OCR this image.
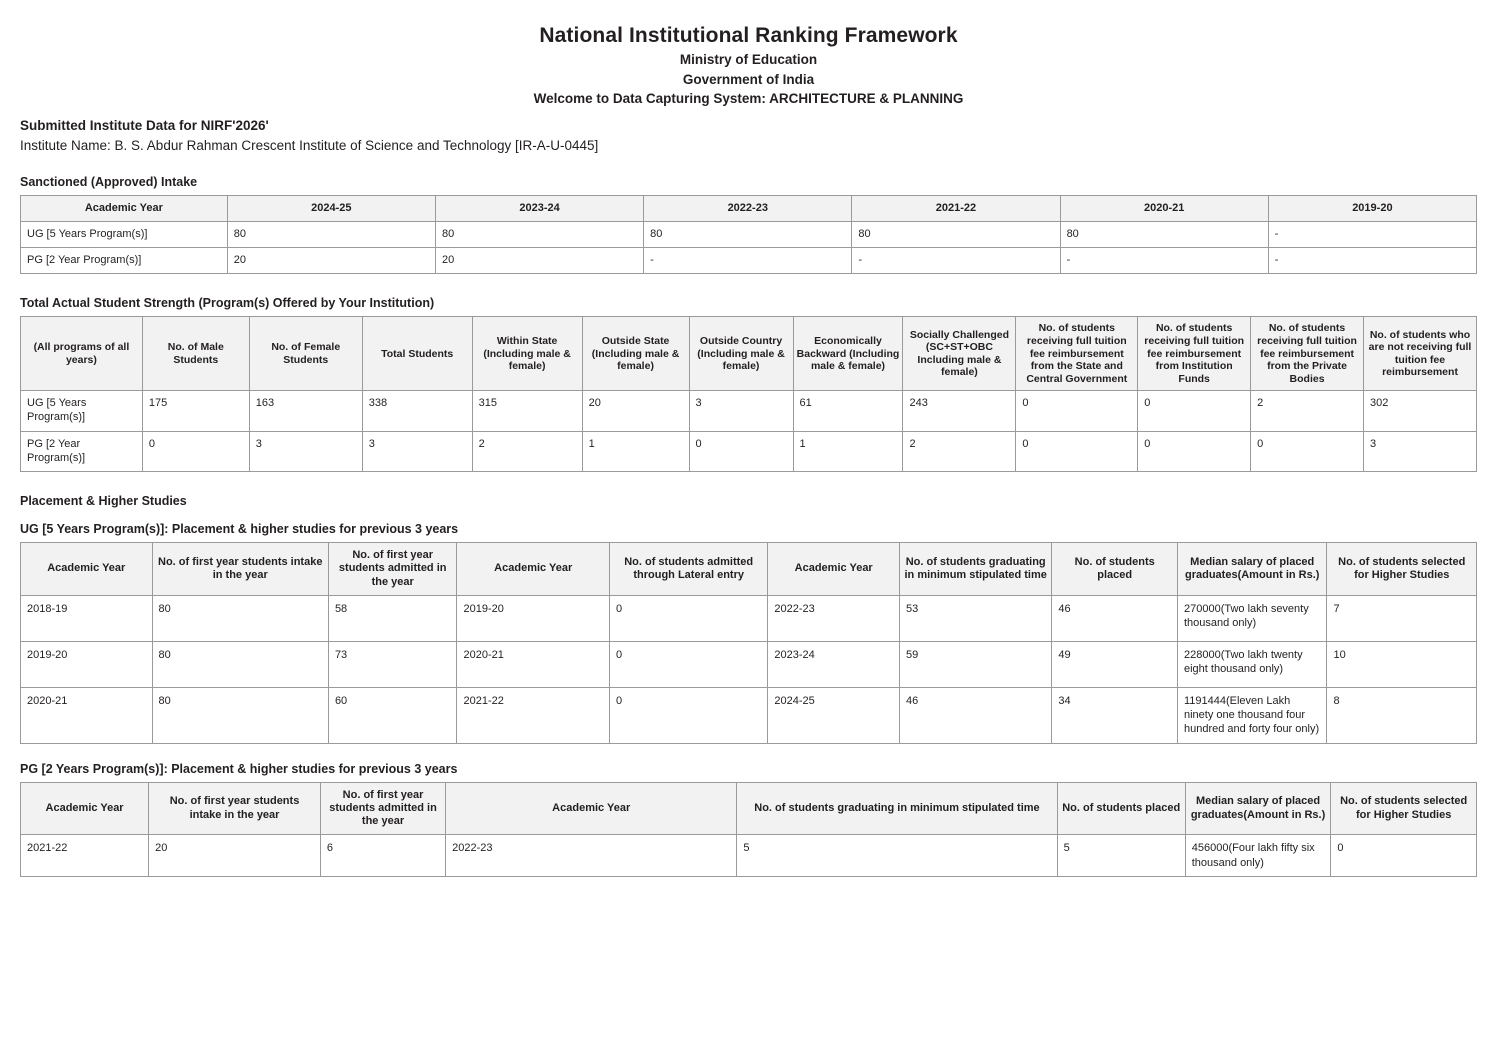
National Institutional Ranking Framework
Ministry of Education
Government of India
Welcome to Data Capturing System: ARCHITECTURE & PLANNING
Submitted Institute Data for NIRF'2026'
Institute Name: B. S. Abdur Rahman Crescent Institute of Science and Technology [IR-A-U-0445]
Sanctioned (Approved) Intake
Academic Year	2024-25	2023-24	2022-23	2021-22	2020-21	2019-20
UG [5 Years Program(s)]	80	80	80	80	80	-
PG [2 Year Program(s)]	20	20	-	-	-	-
Total Actual Student Strength (Program(s) Offered by Your Institution)
(All programs of all years)	No. of Male Students	No. of Female Students	Total Students	Within State (Including male & female)	Outside State (Including male & female)	Outside Country (Including male & female)	Economically Backward (Including male & female)	Socially Challenged (SC+ST+OBC Including male & female)	No. of students receiving full tuition fee reimbursement from the State and Central Government	No. of students receiving full tuition fee reimbursement from Institution Funds	No. of students receiving full tuition fee reimbursement from the Private Bodies	No. of students who are not receiving full tuition fee reimbursement
UG [5 Years Program(s)]	175	163	338	315	20	3	61	243	0	0	2	302
PG [2 Year Program(s)]	0	3	3	2	1	0	1	2	0	0	0	3
Placement & Higher Studies
UG [5 Years Program(s)]: Placement & higher studies for previous 3 years
Academic Year	No. of first year students intake in the year	No. of first year students admitted in the year	Academic Year	No. of students admitted through Lateral entry	Academic Year	No. of students graduating in minimum stipulated time	No. of students placed	Median salary of placed graduates(Amount in Rs.)	No. of students selected for Higher Studies
2018-19	80	58	2019-20	0	2022-23	53	46	270000(Two lakh seventy thousand only)	7
2019-20	80	73	2020-21	0	2023-24	59	49	228000(Two lakh twenty eight thousand only)	10
2020-21	80	60	2021-22	0	2024-25	46	34	1191444(Eleven Lakh ninety one thousand four hundred and forty four only)	8
PG [2 Years Program(s)]: Placement & higher studies for previous 3 years
Academic Year	No. of first year students intake in the year	No. of first year students admitted in the year	Academic Year	No. of students graduating in minimum stipulated time	No. of students placed	Median salary of placed graduates(Amount in Rs.)	No. of students selected for Higher Studies
2021-22	20	6	2022-23	5	5	456000(Four lakh fifty six thousand only)	0
